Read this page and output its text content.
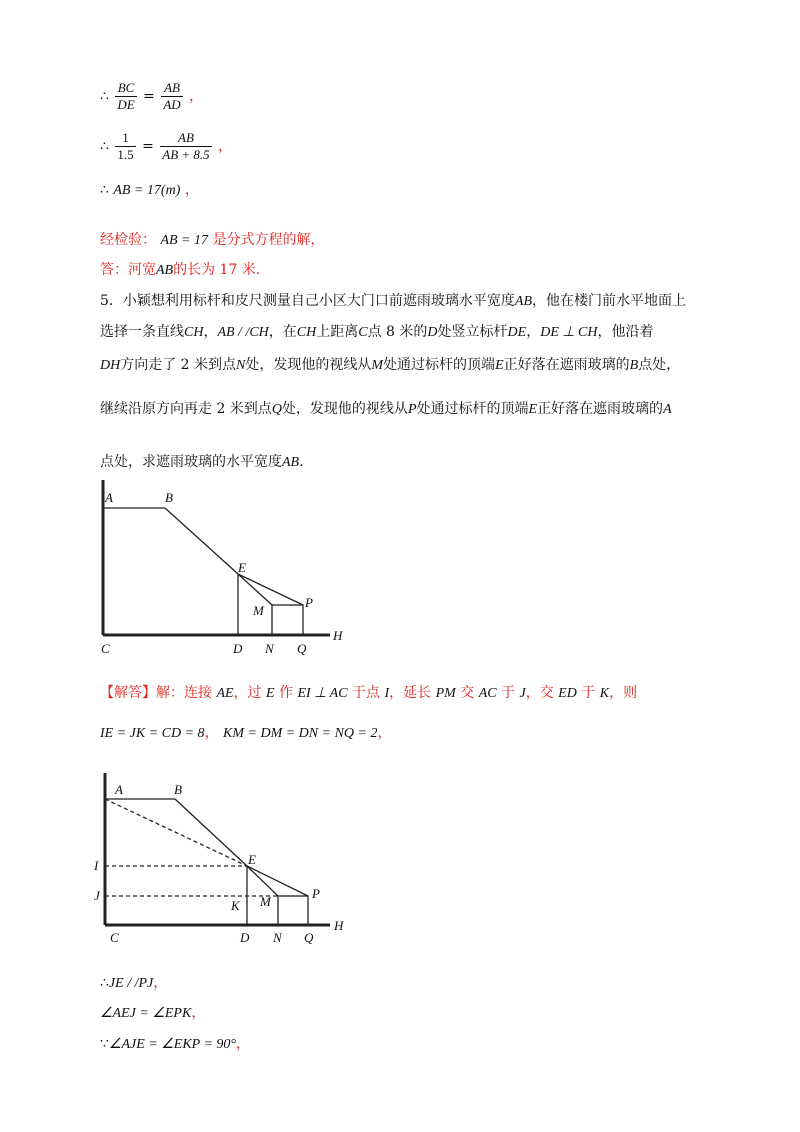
∴ $\frac{BC}{DE} = \frac{AB}{AD}$ ，
∴ $\frac{1}{1.5} = \frac{AB}{AB + 8.5}$ ，
∴ AB = 17(m) ，
经检验： AB = 17 是分式方程的解，
答：河宽AB的长为 17 米.
5．小颖想利用标杆和皮尺测量自己小区大门口前遮雨玻璃水平宽度AB，他在楼门前水平地面上
选择一条直线CH，AB / /CH，在CH上距离C点 8 米的D处竖立标杆DE，DE ⊥ CH，他沿着
DH方向走了 2 米到点N处，发现他的视线从M处通过标杆的顶端E正好落在遮雨玻璃的B点处，
继续沿原方向再走 2 米到点Q处，发现他的视线从P处通过标杆的顶端E正好落在遮雨玻璃的A
点处，求遮雨玻璃的水平宽度AB.
A	B
C	D
E
M
N
P
Q
H
【解答】解：连接 AE，过 E 作 EI ⊥ AC 于点 I，延长 PM 交 AC 于 J，交 ED 于 K，则
IE = JK = CD = 8， KM = DM = DN = NQ = 2，
A	B
I
J
C
E
K M
P
D N Q
H
∴JE / /PJ，
∠AEJ = ∠EPK，
∵∠AJE = ∠EKP = 90°，
